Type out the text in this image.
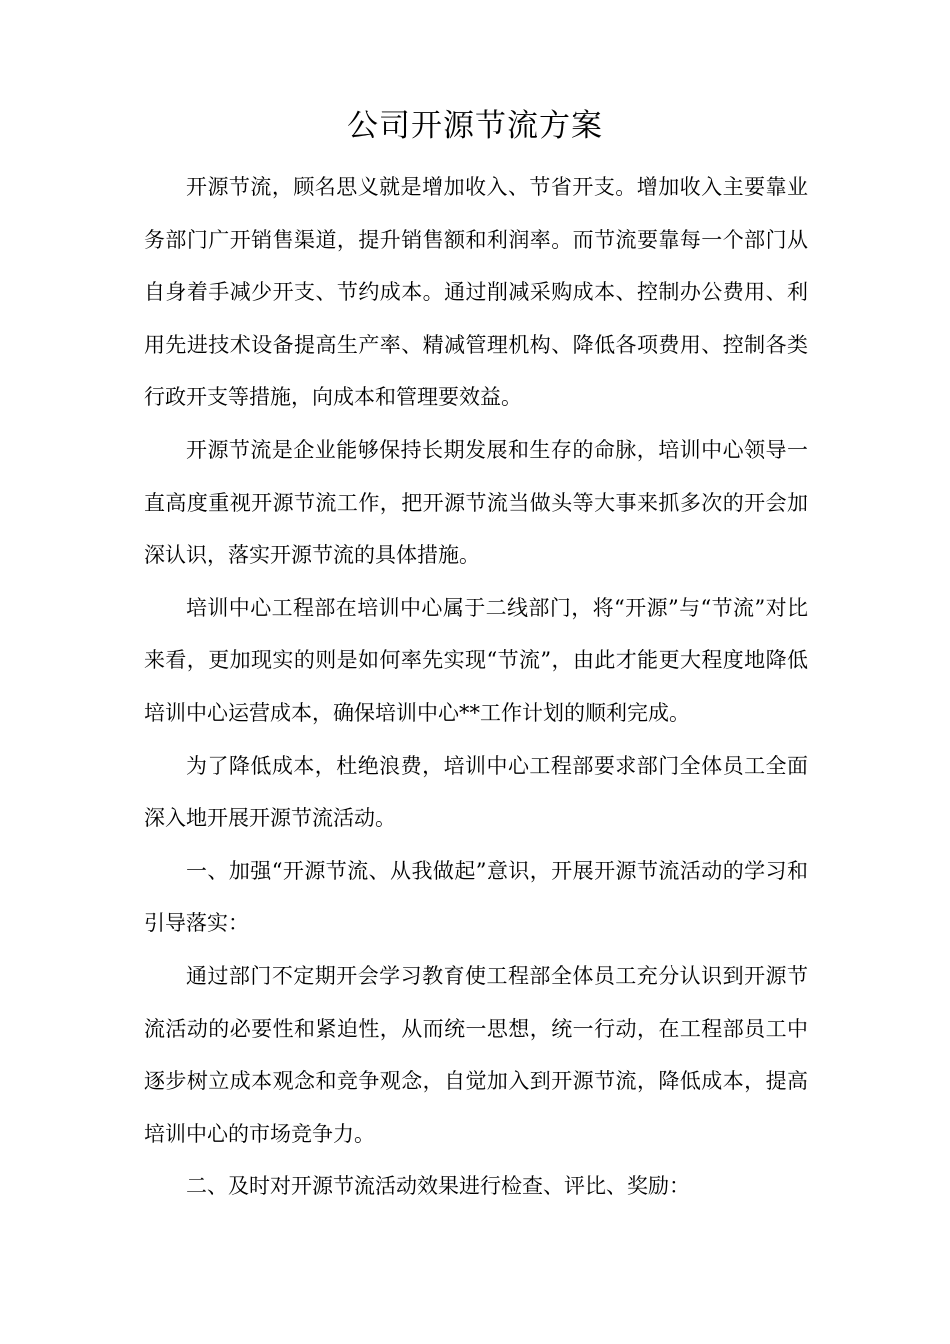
公司开源节流方案

开源节流，顾名思义就是增加收入、节省开支。增加收入主要靠业务部门广开销售渠道，提升销售额和利润率。而节流要靠每一个部门从自身着手减少开支、节约成本。通过削减采购成本、控制办公费用、利用先进技术设备提高生产率、精减管理机构、降低各项费用、控制各类行政开支等措施，向成本和管理要效益。

开源节流是企业能够保持长期发展和生存的命脉，培训中心领导一直高度重视开源节流工作，把开源节流当做头等大事来抓多次的开会加深认识，落实开源节流的具体措施。

培训中心工程部在培训中心属于二线部门，将“开源”与“节流”对比来看，更加现实的则是如何率先实现“节流”，由此才能更大程度地降低培训中心运营成本，确保培训中心**工作计划的顺利完成。

为了降低成本，杜绝浪费，培训中心工程部要求部门全体员工全面深入地开展开源节流活动。

一、加强“开源节流、从我做起”意识，开展开源节流活动的学习和引导落实：

通过部门不定期开会学习教育使工程部全体员工充分认识到开源节流活动的必要性和紧迫性，从而统一思想，统一行动，在工程部员工中逐步树立成本观念和竞争观念，自觉加入到开源节流，降低成本，提高培训中心的市场竞争力。

二、及时对开源节流活动效果进行检查、评比、奖励：
